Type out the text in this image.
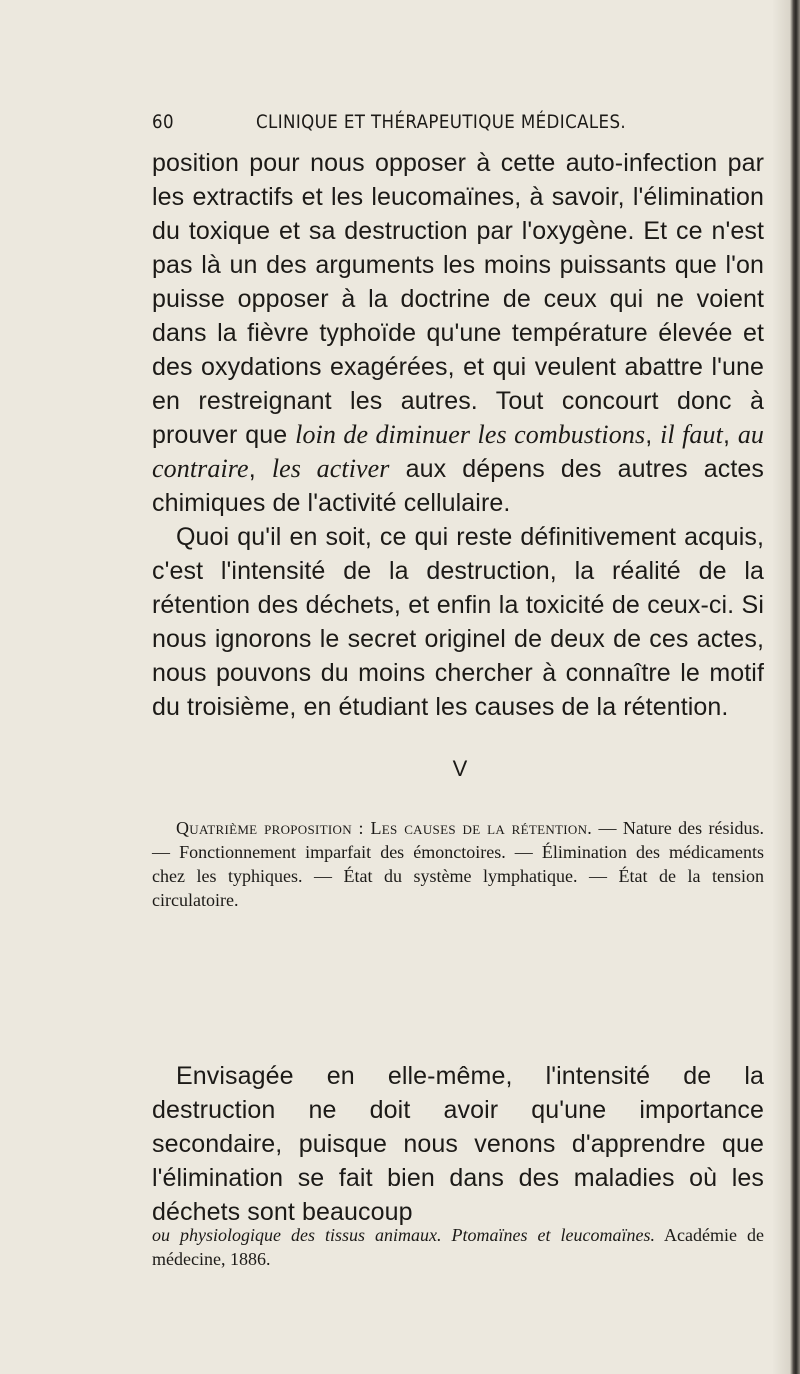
60	CLINIQUE ET THÉRAPEUTIQUE MÉDICALES.

position pour nous opposer à cette auto-infection par les extractifs et les leucomaïnes, à savoir, l'élimination du toxique et sa destruction par l'oxygène. Et ce n'est pas là un des arguments les moins puissants que l'on puisse opposer à la doctrine de ceux qui ne voient dans la fièvre typhoïde qu'une température élevée et des oxydations exagérées, et qui veulent abattre l'une en restreignant les autres. Tout concourt donc à prouver que loin de diminuer les combustions, il faut, au contraire, les activer aux dépens des autres actes chimiques de l'activité cellulaire.

Quoi qu'il en soit, ce qui reste définitivement acquis, c'est l'intensité de la destruction, la réalité de la rétention des déchets, et enfin la toxicité de ceux-ci. Si nous ignorons le secret originel de deux de ces actes, nous pouvons du moins chercher à connaître le motif du troisième, en étudiant les causes de la rétention.

V

Quatrième proposition : Les causes de la rétention. — Nature des résidus. — Fonctionnement imparfait des émonctoires. — Élimination des médicaments chez les typhiques. — État du système lymphatique. — État de la tension circulatoire.

Envisagée en elle-même, l'intensité de la destruction ne doit avoir qu'une importance secondaire, puisque nous venons d'apprendre que l'élimination se fait bien dans des maladies où les déchets sont beaucoup

ou physiologique des tissus animaux. Ptomaïnes et leucomaïnes. Académie de médecine, 1886.
